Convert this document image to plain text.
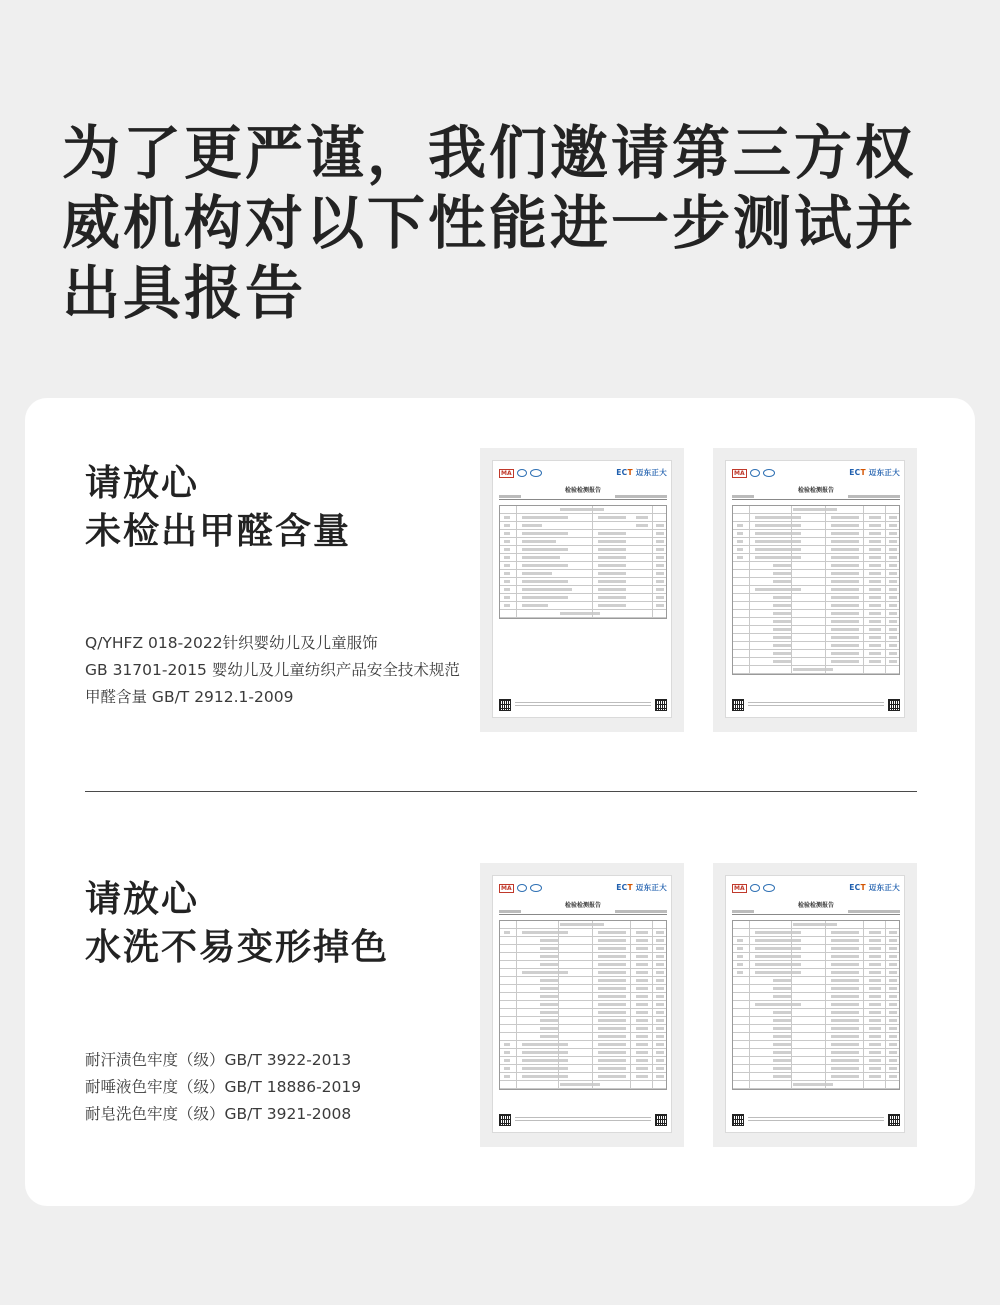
为了更严谨，我们邀请第三方权威机构对以下性能进一步测试并出具报告
请放心
未检出甲醛含量
Q/YHFZ 018-2022针织婴幼儿及儿童服饰
GB 31701-2015 婴幼儿及儿童纺织产品安全技术规范
甲醛含量 GB/T 2912.1-2009
MA	ECT 迈东正大
检验检测报告
MA	ECT 迈东正大
检验检测报告
请放心
水洗不易变形掉色
耐汗渍色牢度（级）GB/T 3922-2013
耐唾液色牢度（级）GB/T 18886-2019
耐皂洗色牢度（级）GB/T 3921-2008
MA	ECT 迈东正大
检验检测报告
MA	ECT 迈东正大
检验检测报告
